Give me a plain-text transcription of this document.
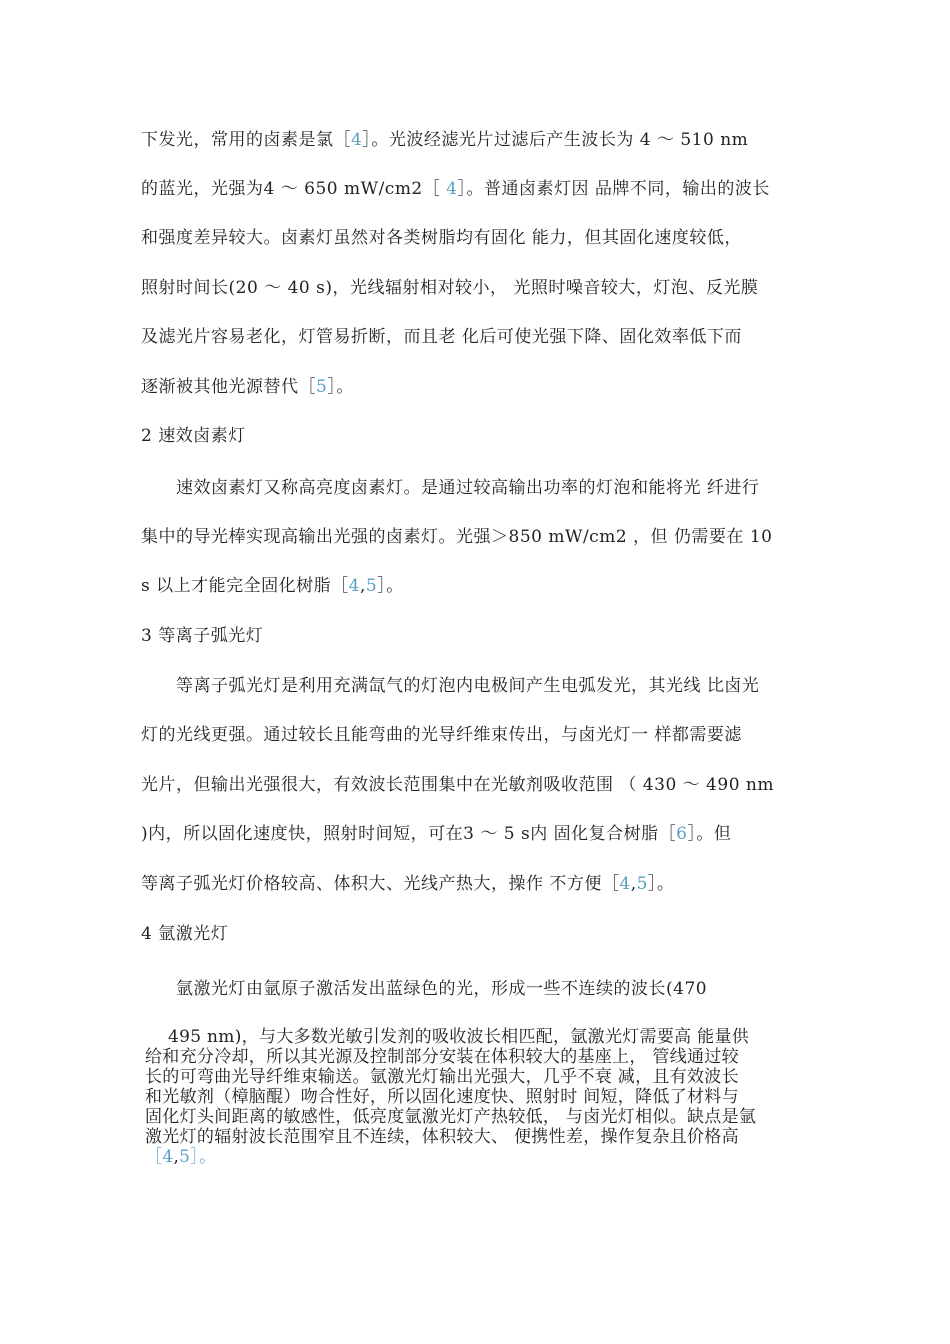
下发光，常用的卤素是氯［4］。光波经滤光片过滤后产生波长为 4 ～ 510 nm
的蓝光，光强为4 ～ 650 mW/cm2［ 4］。普通卤素灯因 品牌不同，输出的波长
和强度差异较大。卤素灯虽然对各类树脂均有固化 能力，但其固化速度较低，
照射时间长(20 ～ 40 s)，光线辐射相对较小， 光照时噪音较大，灯泡、反光膜
及滤光片容易老化，灯管易折断，而且老 化后可使光强下降、固化效率低下而
逐渐被其他光源替代［5］。
2 速效卤素灯
速效卤素灯又称高亮度卤素灯。是通过较高输出功率的灯泡和能将光 纤进行
集中的导光棒实现高输出光强的卤素灯。光强＞850 mW/cm2 ，但 仍需要在 10
s 以上才能完全固化树脂［4,5］。
3 等离子弧光灯
等离子弧光灯是利用充满氙气的灯泡内电极间产生电弧发光，其光线 比卤光
灯的光线更强。通过较长且能弯曲的光导纤维束传出，与卤光灯一 样都需要滤
光片，但输出光强很大，有效波长范围集中在光敏剂吸收范围 （ 430 ～ 490 nm
)内，所以固化速度快，照射时间短，可在3 ～ 5 s内 固化复合树脂［6］。但
等离子弧光灯价格较高、体积大、光线产热大，操作 不方便［4,5］。
4 氩激光灯
氩激光灯由氩原子激活发出蓝绿色的光，形成一些不连续的波长(470
495 nm)，与大多数光敏引发剂的吸收波长相匹配，氩激光灯需要高 能量供
给和充分冷却，所以其光源及控制部分安装在体积较大的基座上， 管线通过较
长的可弯曲光导纤维束输送。氩激光灯输出光强大，几乎不衰 减，且有效波长
和光敏剂（樟脑醌）吻合性好，所以固化速度快、照射时 间短，降低了材料与
固化灯头间距离的敏感性，低亮度氩激光灯产热较低， 与卤光灯相似。缺点是氩
激光灯的辐射波长范围窄且不连续，体积较大、 便携性差，操作复杂且价格高
［4,5］。
